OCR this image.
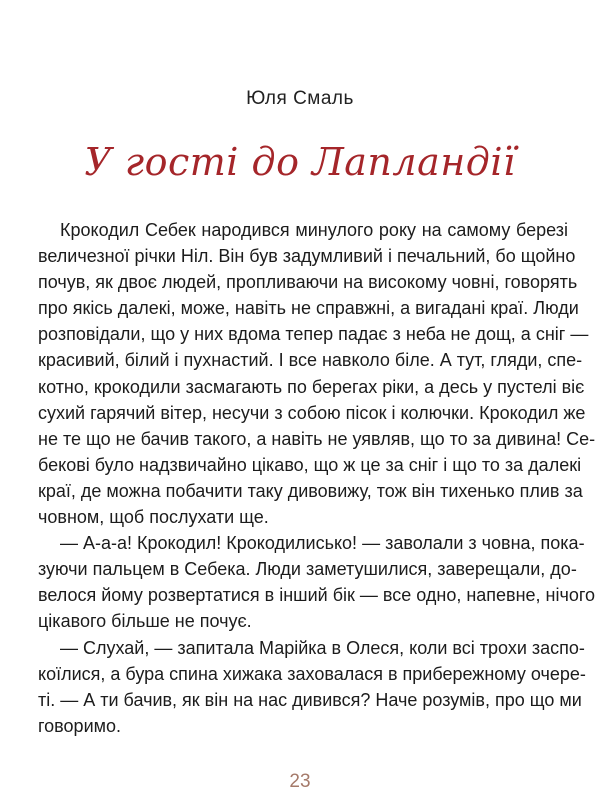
Юля Смаль
У гості до Лапландії
Крокодил Себек народився минулого року на самому березі
величезної річки Ніл. Він був задумливий і печальний, бо щойно
почув, як двоє людей, пропливаючи на високому човні, говорять
про якісь далекі, може, навіть не справжні, а вигадані краї. Люди
розповідали, що у них вдома тепер падає з неба не дощ, а сніг —
красивий, білий і пухнастий. І все навколо біле. А тут, гляди, спе-
котно, крокодили засмагають по берегах ріки, а десь у пустелі віє
сухий гарячий вітер, несучи з собою пісок і колючки. Крокодил же
не те що не бачив такого, а навіть не уявляв, що то за дивина! Се-
бекові було надзвичайно цікаво, що ж це за сніг і що то за далекі
краї, де можна побачити таку дивовижу, тож він тихенько плив за
човном, щоб послухати ще.
— А-а-а! Крокодил! Крокодилисько! — заволали з човна, пока-
зуючи пальцем в Себека. Люди заметушилися, заверещали, до-
велося йому розвертатися в інший бік — все одно, напевне, нічого
цікавого більше не почує.
— Слухай, — запитала Марійка в Олеся, коли всі трохи заспо-
коїлися, а бура спина хижака заховалася в прибережному очере-
ті. — А ти бачив, як він на нас дивився? Наче розумів, про що ми
говоримо.
23
